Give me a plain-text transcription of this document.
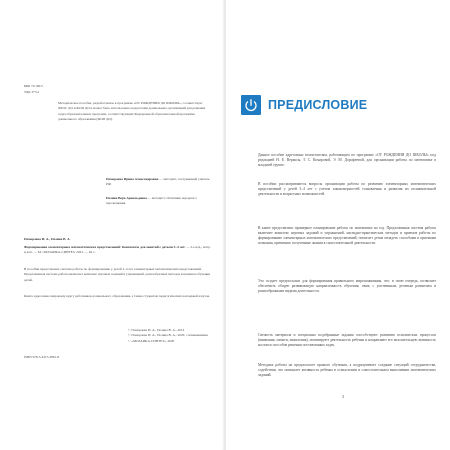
ББК 74.100.5

УДК 373.2

Методическое пособие, разработанное в программе «ОТ РОЖДЕНИЯ ДО ШКОЛЫ», соответствует ФГОС ДО и ФОП ДО и может быть использовано педагогами дошкольных организаций для решения задач образовательных программ, соответствующих Федеральной образовательной программе дошкольного образования (ФОП ДО).

Помораева Ирина Александровна — методист, заслуженный учитель РФ;

Позина Вера Арнольдовна — методист, Отличник народного просвещения.

Помораева И. А., Позина В. А.

Формирование элементарных математических представлений: Конспекты для занятий с детьми 3–4 лет. — 2-е изд., испр. и доп. — М.: МОЗАИКА-СИНТЕЗ, 2023. — 64 с.

В пособии представлена система работы по формированию у детей 3–4 лет элементарных математических представлений. Предложенная система работы включает комплекс игровых заданий и упражнений, разнообразных методов и приемов обучения детей.

Книга адресована широкому кругу работников дошкольного образования, а также студентам педагогических колледжей и вузов.

© Помораева И. А., Позина В. А., 2014
© Помораева И. А., Позина В. А., 2020, с изменениями
© «МОЗАИКА-СИНТЕЗ», 2020

ISBN 978-5-4315-3861-8

ПРЕДИСЛОВИЕ

Данное пособие адресовано воспитателям, работающим по программе «ОТ РОЖДЕНИЯ ДО ШКОЛЫ» под редакцией Н. Е. Вераксы, Т. С. Комаровой, Э. М. Дорофеевой, для организации работы по математике в младшей группе.

В пособии рассматриваются вопросы организации работы по развитию элементарных математических представлений у детей 3–4 лет с учетом закономерностей становления и развития их познавательной деятельности и возрастных возможностей.

В книге представлено примерное планирование работы по математике на год. Предложенная система работы включает комплекс игровых заданий и упражнений, наглядно-практических методов и приемов работы по формированию элементарных математических представлений; помогает детям овладеть способами и приемами познания, применять полученные знания в самостоятельной деятельности.

Это создает предпосылки для формирования правильного миропонимания, что, в свою очередь, позволяет обеспечить общую развивающую направленность обучения, связь с умственным, речевым развитием и разнообразными видами деятельности.

Свежесть материала и специально подобранные задания способствуют развитию психических процессов (внимания, памяти, мышления), мотивируют деятельность ребенка и направляют его мыслительную активность на поиск способов решения поставленных задач.

Методика работы не предполагает прямого обучения, а подразумевает создание ситуаций сотрудничества, содействия, что повышает активность ребенка в осмыслении и самостоятельном выполнении математических заданий.

3
